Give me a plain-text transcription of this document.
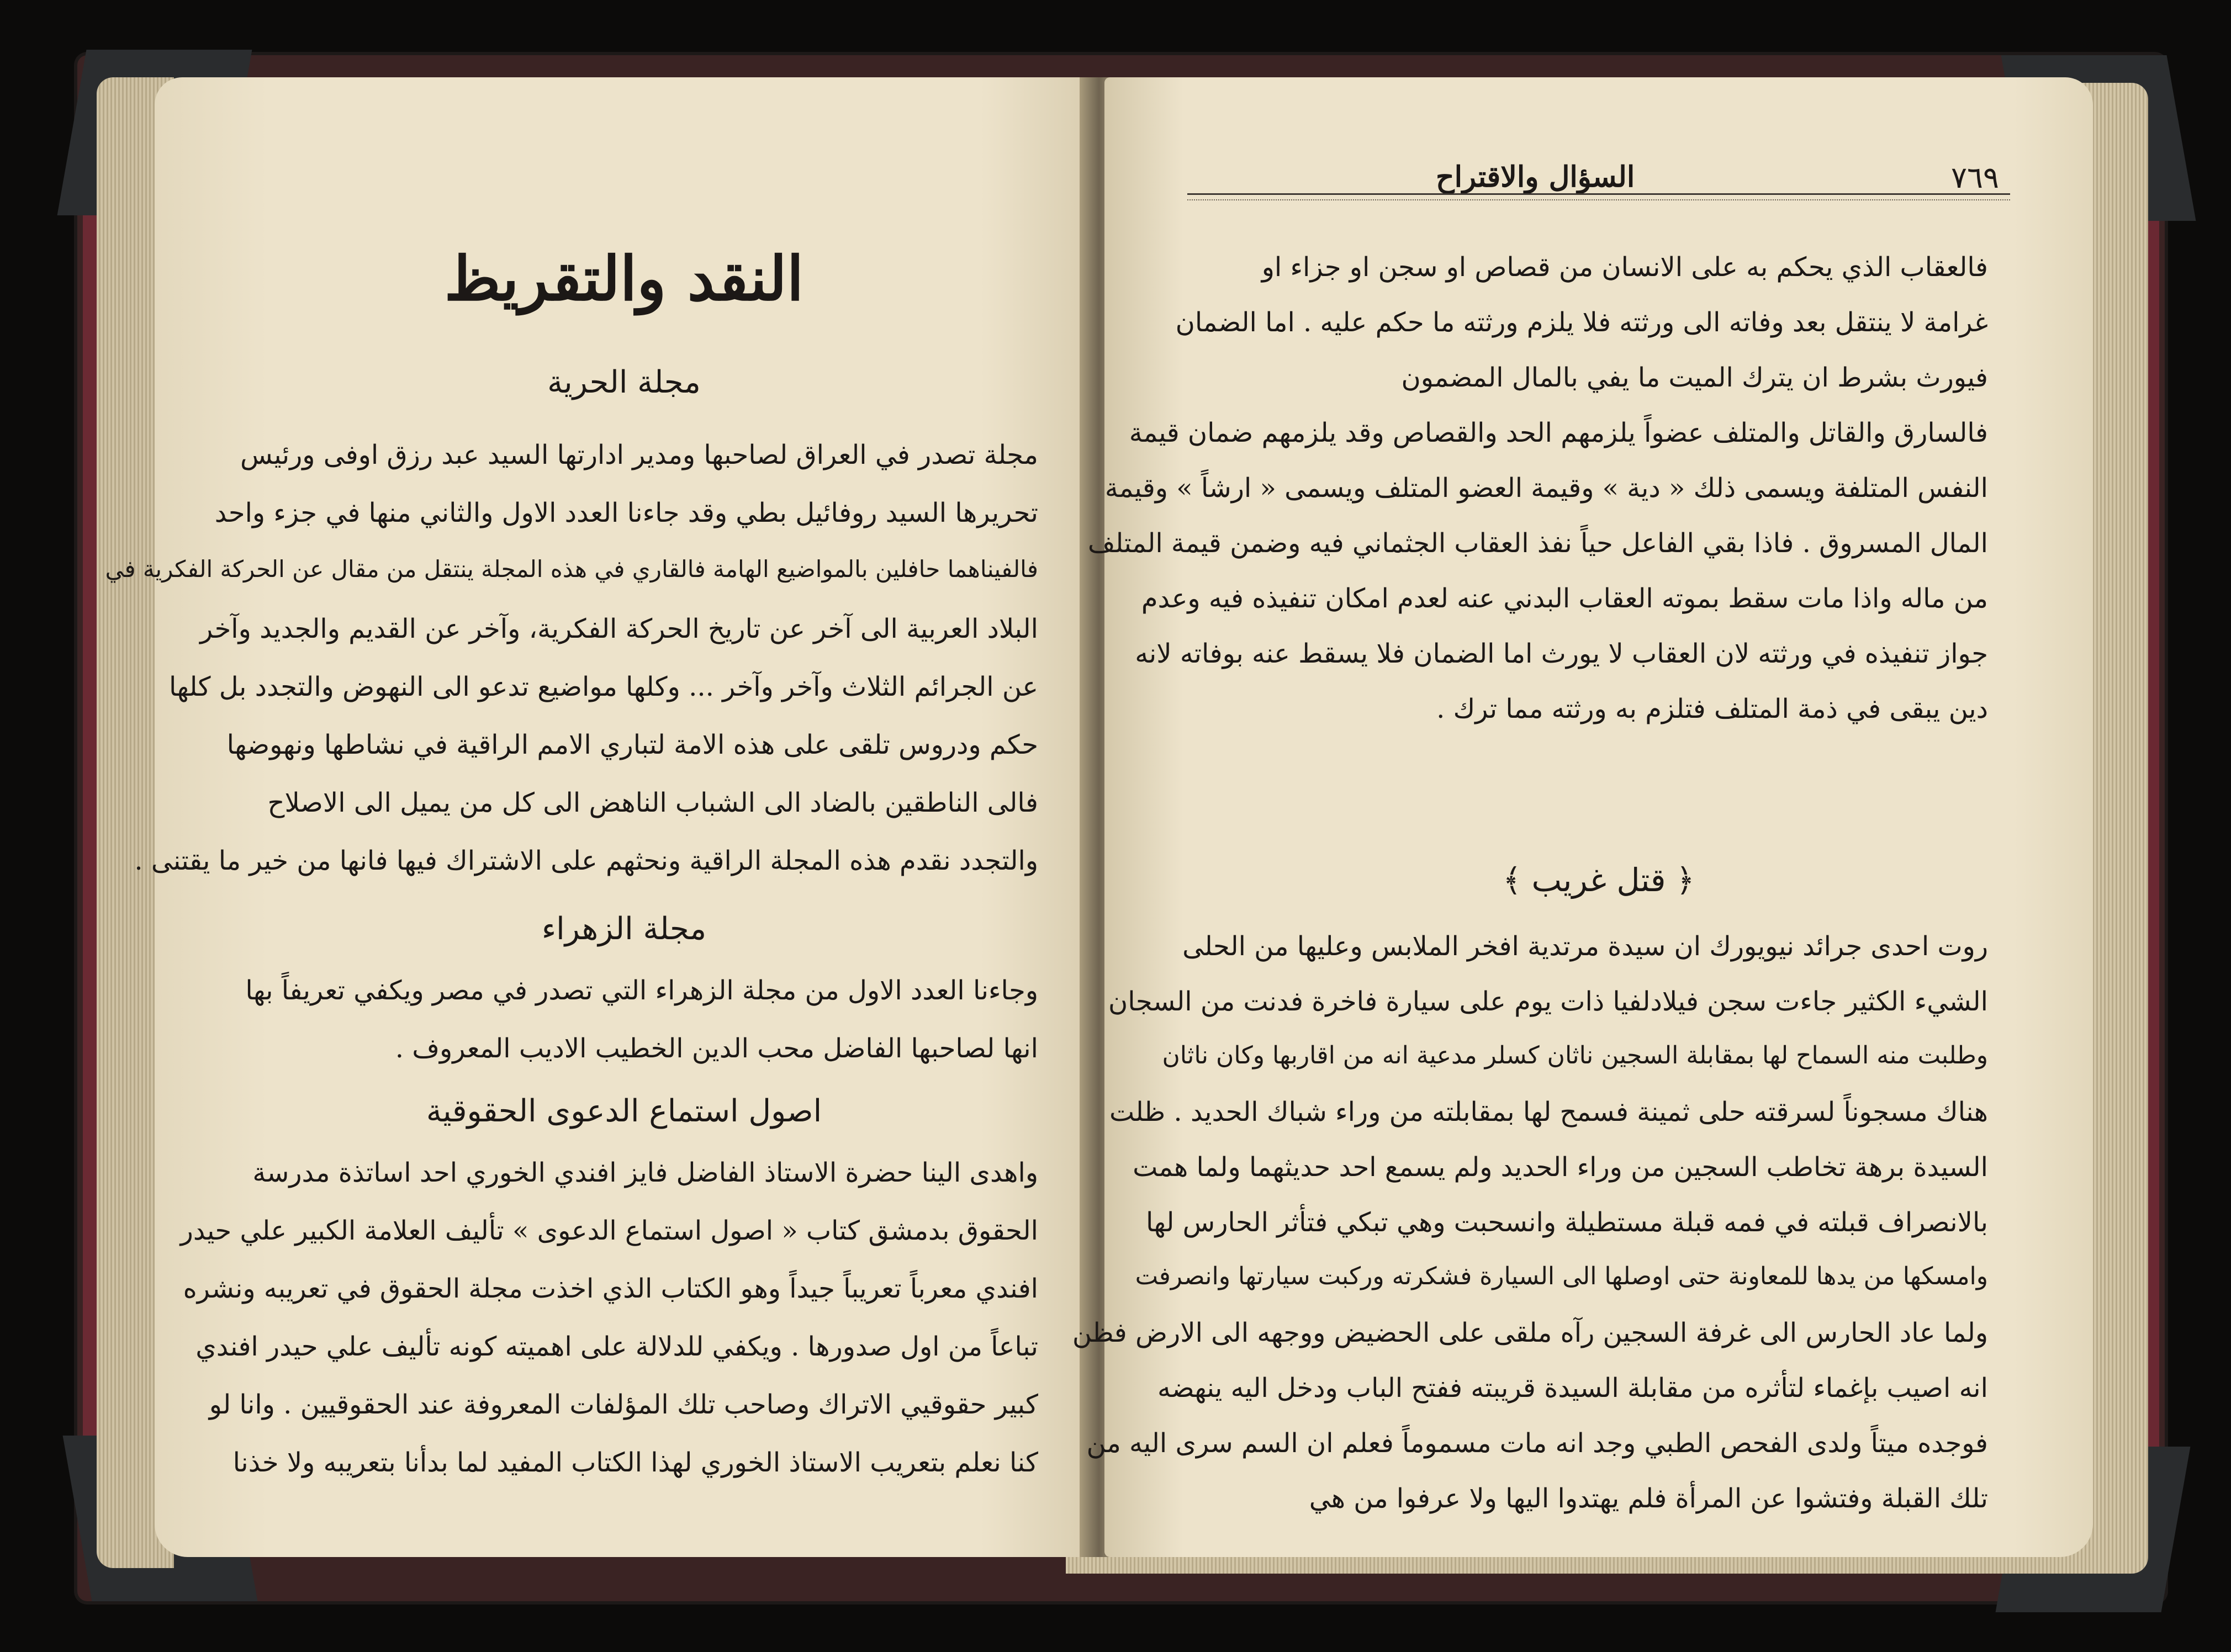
النقد والتقريظ
مجلة الحرية
مجلة تصدر في العراق لصاحبها ومدير ادارتها السيد عبد رزق اوفى ورئيس
تحريرها السيد روفائيل بطي وقد جاءنا العدد الاول والثاني منها في جزء واحد
فالفيناهما حافلين بالمواضيع الهامة فالقاري في هذه المجلة ينتقل من مقال عن الحركة الفكرية في
البلاد العربية الى آخر عن تاريخ الحركة الفكرية، وآخر عن القديم والجديد وآخر
عن الجرائم الثلاث وآخر وآخر ... وكلها مواضيع تدعو الى النهوض والتجدد بل كلها
حكم ودروس تلقى على هذه الامة لتباري الامم الراقية في نشاطها ونهوضها
فالى الناطقين بالضاد الى الشباب الناهض الى كل من يميل الى الاصلاح
والتجدد نقدم هذه المجلة الراقية ونحثهم على الاشتراك فيها فانها من خير ما يقتنى .
مجلة الزهراء
وجاءنا العدد الاول من مجلة الزهراء التي تصدر في مصر ويكفي تعريفاً بها
انها لصاحبها الفاضل محب الدين الخطيب الاديب المعروف .
اصول استماع الدعوى الحقوقية
واهدى الينا حضرة الاستاذ الفاضل فايز افندي الخوري احد اساتذة مدرسة
الحقوق بدمشق كتاب « اصول استماع الدعوى » تأليف العلامة الكبير علي حيدر
افندي معرباً تعريباً جيداً وهو الكتاب الذي اخذت مجلة الحقوق في تعريبه ونشره
تباعاً من اول صدورها . ويكفي للدلالة على اهميته كونه تأليف علي حيدر افندي
كبير حقوقيي الاتراك وصاحب تلك المؤلفات المعروفة عند الحقوقيين . وانا لو
كنا نعلم بتعريب الاستاذ الخوري لهذا الكتاب المفيد لما بدأنا بتعريبه ولا خذنا
٧٦٩
السؤال والاقتراح
فالعقاب الذي يحكم به على الانسان من قصاص او سجن او جزاء او
غرامة لا ينتقل بعد وفاته الى ورثته فلا يلزم ورثته ما حكم عليه . اما الضمان
فيورث بشرط ان يترك الميت ما يفي بالمال المضمون
فالسارق والقاتل والمتلف عضواً يلزمهم الحد والقصاص وقد يلزمهم ضمان قيمة
النفس المتلفة ويسمى ذلك « دية » وقيمة العضو المتلف ويسمى « ارشاً » وقيمة
المال المسروق . فاذا بقي الفاعل حياً نفذ العقاب الجثماني فيه وضمن قيمة المتلف
من ماله واذا مات سقط بموته العقاب البدني عنه لعدم امكان تنفيذه فيه وعدم
جواز تنفيذه في ورثته لان العقاب لا يورث اما الضمان فلا يسقط عنه بوفاته لانه
دين يبقى في ذمة المتلف فتلزم به ورثته مما ترك .
﴿ قتل غريب ﴾
روت احدى جرائد نيويورك ان سيدة مرتدية افخر الملابس وعليها من الحلى
الشيء الكثير جاءت سجن فيلادلفيا ذات يوم على سيارة فاخرة فدنت من السجان
وطلبت منه السماح لها بمقابلة السجين ناثان كسلر مدعية انه من اقاربها وكان ناثان
هناك مسجوناً لسرقته حلى ثمينة فسمح لها بمقابلته من وراء شباك الحديد . ظلت
السيدة برهة تخاطب السجين من وراء الحديد ولم يسمع احد حديثهما ولما همت
بالانصراف قبلته في فمه قبلة مستطيلة وانسحبت وهي تبكي فتأثر الحارس لها
وامسكها من يدها للمعاونة حتى اوصلها الى السيارة فشكرته وركبت سيارتها وانصرفت
ولما عاد الحارس الى غرفة السجين رآه ملقى على الحضيض ووجهه الى الارض فظن
انه اصيب بإغماء لتأثره من مقابلة السيدة قريبته ففتح الباب ودخل اليه ينهضه
فوجده ميتاً ولدى الفحص الطبي وجد انه مات مسموماً فعلم ان السم سرى اليه من
تلك القبلة وفتشوا عن المرأة فلم يهتدوا اليها ولا عرفوا من هي
